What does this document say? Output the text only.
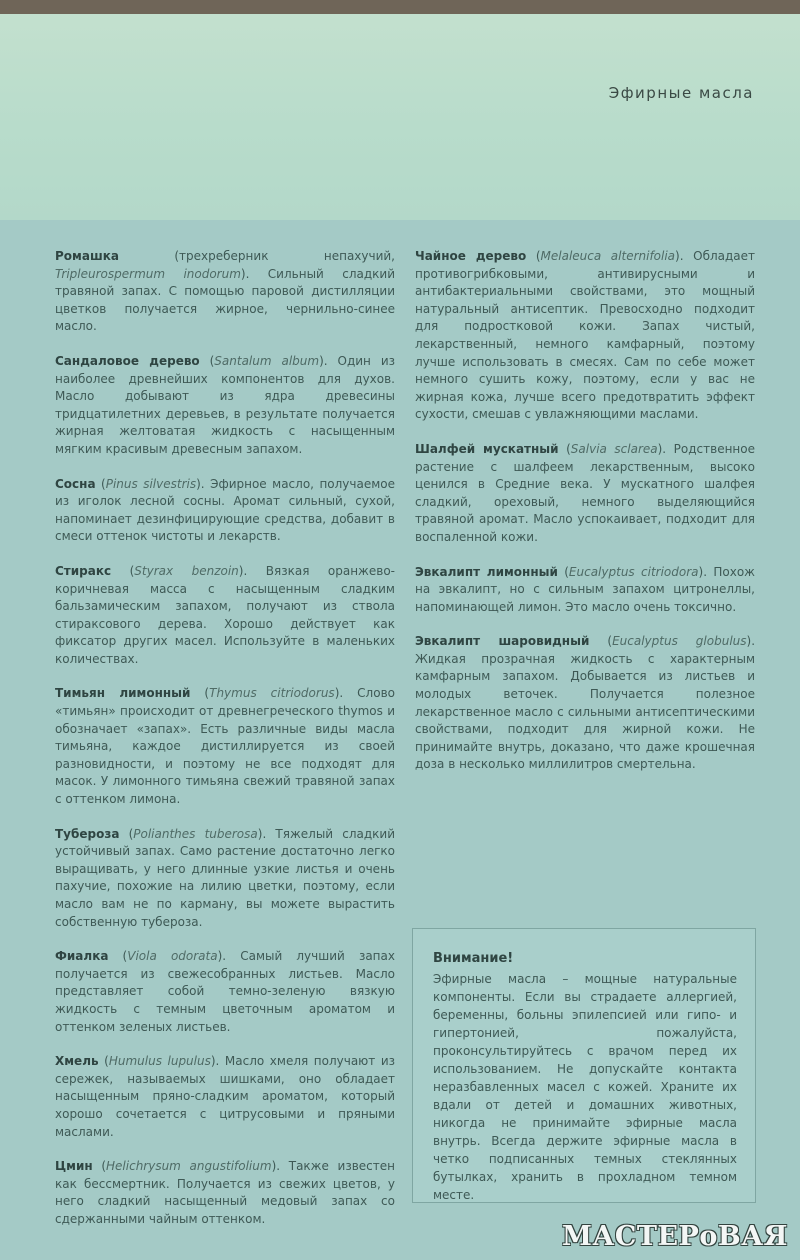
Эфирные масла

Ромашка (трехреберник непахучий, Tripleurospermum inodorum). Сильный сладкий травяной запах. С помощью паровой дистилляции цветков получается жирное, чернильно-синее масло.

Сандаловое дерево (Santalum album). Один из наиболее древнейших компонентов для духов. Масло добывают из ядра древесины тридцатилетних деревьев, в результате получается жирная желтоватая жидкость с насыщенным мягким красивым древесным запахом.

Сосна (Pinus silvestris). Эфирное масло, получаемое из иголок лесной сосны. Аромат сильный, сухой, напоминает дезинфицирующие средства, добавит в смеси оттенок чистоты и лекарств.

Стиракс (Styrax benzoin). Вязкая оранжево-коричневая масса с насыщенным сладким бальзамическим запахом, получают из ствола стираксового дерева. Хорошо действует как фиксатор других масел. Используйте в маленьких количествах.

Тимьян лимонный (Thymus citriodorus). Слово «тимьян» происходит от древнегреческого thymos и обозначает «запах». Есть различные виды масла тимьяна, каждое дистиллируется из своей разновидности, и поэтому не все подходят для масок. У лимонного тимьяна свежий травяной запах с оттенком лимона.

Тубероза (Polianthes tuberosa). Тяжелый сладкий устойчивый запах. Само растение достаточно легко выращивать, у него длинные узкие листья и очень пахучие, похожие на лилию цветки, поэтому, если масло вам не по карману, вы можете вырастить собственную тубероза.

Фиалка (Viola odorata). Самый лучший запах получается из свежесобранных листьев. Масло представляет собой темно-зеленую вязкую жидкость с темным цветочным ароматом и оттенком зеленых листьев.

Хмель (Humulus lupulus). Масло хмеля получают из сережек, называемых шишками, оно обладает насыщенным пряно-сладким ароматом, который хорошо сочетается с цитрусовыми и пряными маслами.

Цмин (Helichrysum angustifolium). Также известен как бессмертник. Получается из свежих цветов, у него сладкий насыщенный медовый запах со сдержанными чайным оттенком.

Чайное дерево (Melaleuca alternifolia). Обладает противогрибковыми, антивирусными и антибактериальными свойствами, это мощный натуральный антисептик. Превосходно подходит для подростковой кожи. Запах чистый, лекарственный, немного камфарный, поэтому лучше использовать в смесях. Сам по себе может немного сушить кожу, поэтому, если у вас не жирная кожа, лучше всего предотвратить эффект сухости, смешав с увлажняющими маслами.

Шалфей мускатный (Salvia sclarea). Родственное растение с шалфеем лекарственным, высоко ценился в Средние века. У мускатного шалфея сладкий, ореховый, немного выделяющийся травяной аромат. Масло успокаивает, подходит для воспаленной кожи.

Эвкалипт лимонный (Eucalyptus citriodora). Похож на эвкалипт, но с сильным запахом цитронеллы, напоминающей лимон. Это масло очень токсично.

Эвкалипт шаровидный (Eucalyptus globulus). Жидкая прозрачная жидкость с характерным камфарным запахом. Добывается из листьев и молодых веточек. Получается полезное лекарственное масло с сильными антисептическими свойствами, подходит для жирной кожи. Не принимайте внутрь, доказано, что даже крошечная доза в несколько миллилитров смертельна.

Внимание!
Эфирные масла – мощные натуральные компоненты. Если вы страдаете аллергией, беременны, больны эпилепсией или гипо- и гипертонией, пожалуйста, проконсультируйтесь с врачом перед их использованием. Не допускайте контакта неразбавленных масел с кожей. Храните их вдали от детей и домашних животных, никогда не принимайте эфирные масла внутрь. Всегда держите эфирные масла в четко подписанных темных стеклянных бутылках, хранить в прохладном темном месте.
МАСТЕРоВАЯ
